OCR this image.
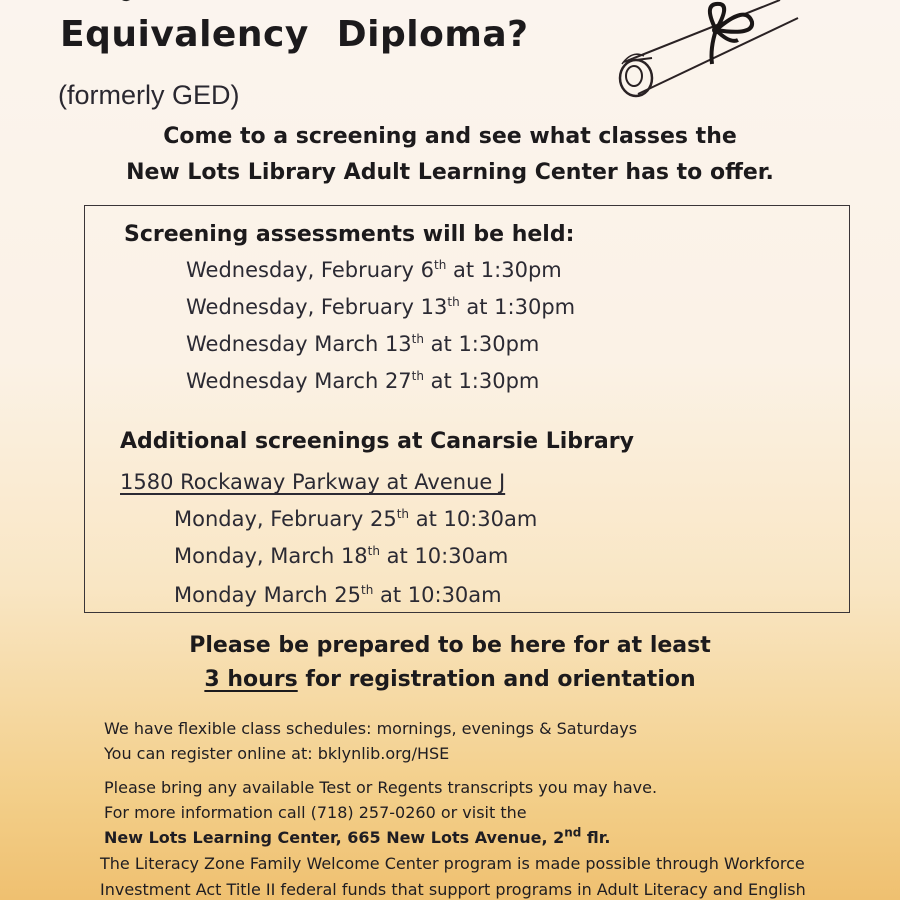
Equivalency Diploma?
(formerly GED)
Come to a screening and see what classes the
New Lots Library Adult Learning Center has to offer.
Screening assessments will be held:
Wednesday, February 6th at 1:30pm
Wednesday, February 13th at 1:30pm
Wednesday March 13th at 1:30pm
Wednesday March 27th at 1:30pm
Additional screenings at Canarsie Library
1580 Rockaway Parkway at Avenue J
Monday, February 25th at 10:30am
Monday, March 18th at 10:30am
Monday March 25th at 10:30am
Please be prepared to be here for at least
3 hours for registration and orientation
We have flexible class schedules: mornings, evenings & Saturdays
You can register online at: bklynlib.org/HSE
Please bring any available Test or Regents transcripts you may have.
For more information call (718) 257-0260 or visit the
New Lots Learning Center, 665 New Lots Avenue, 2nd flr.
The Literacy Zone Family Welcome Center program is made possible through Workforce
Investment Act Title II federal funds that support programs in Adult Literacy and English
